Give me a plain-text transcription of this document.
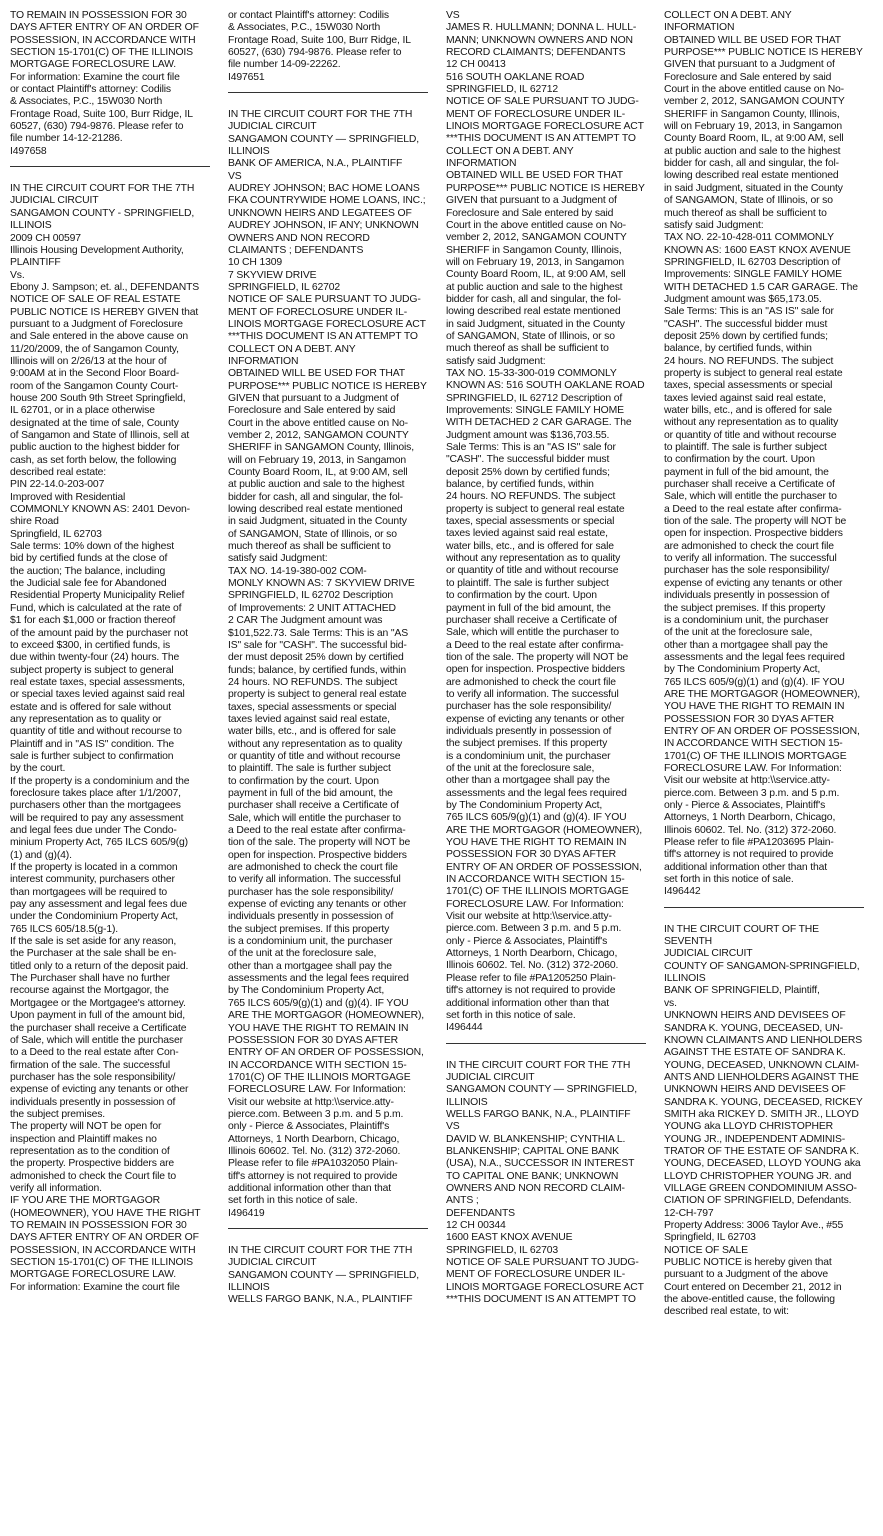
TO REMAIN IN POSSESSION FOR 30
DAYS AFTER ENTRY OF AN ORDER OF
POSSESSION, IN ACCORDANCE WITH
SECTION 15-1701(C) OF THE ILLINOIS
MORTGAGE FORECLOSURE LAW.
For information: Examine the court file
or contact Plaintiff's attorney: Codilis
& Associates, P.C., 15W030 North
Frontage Road, Suite 100, Burr Ridge, IL
60527, (630) 794-9876. Please refer to
file number 14-12-21286.
I497658

IN THE CIRCUIT COURT FOR THE 7TH
JUDICIAL CIRCUIT
SANGAMON COUNTY - SPRINGFIELD,
ILLINOIS
2009 CH 00597
Illinois Housing Development Authority,
PLAINTIFF
Vs.
Ebony J. Sampson; et. al., DEFENDANTS
NOTICE OF SALE OF REAL ESTATE
PUBLIC NOTICE IS HEREBY GIVEN that
pursuant to a Judgment of Foreclosure
and Sale entered in the above cause on
11/20/2009, the of Sangamon County,
Illinois will on 2/26/13 at the hour of
9:00AM at in the Second Floor Board-
room of the Sangamon County Court-
house 200 South 9th Street Springfield,
IL 62701, or in a place otherwise
designated at the time of sale, County
of Sangamon and State of Illinois, sell at
public auction to the highest bidder for
cash, as set forth below, the following
described real estate:
PIN 22-14.0-203-007
Improved with Residential
COMMONLY KNOWN AS: 2401 Devon-
shire Road
Springfield, IL 62703
Sale terms: 10% down of the highest
bid by certified funds at the close of
the auction; The balance, including
the Judicial sale fee for Abandoned
Residential Property Municipality Relief
Fund, which is calculated at the rate of
$1 for each $1,000 or fraction thereof
of the amount paid by the purchaser not
to exceed $300, in certified funds, is
due within twenty-four (24) hours. The
subject property is subject to general
real estate taxes, special assessments,
or special taxes levied against said real
estate and is offered for sale without
any representation as to quality or
quantity of title and without recourse to
Plaintiff and in "AS IS" condition. The
sale is further subject to confirmation
by the court.
If the property is a condominium and the
foreclosure takes place after 1/1/2007,
purchasers other than the mortgagees
will be required to pay any assessment
and legal fees due under The Condo-
minium Property Act, 765 ILCS 605/9(g)
(1) and (g)(4).
If the property is located in a common
interest community, purchasers other
than mortgagees will be required to
pay any assessment and legal fees due
under the Condominium Property Act,
765 ILCS 605/18.5(g-1).
If the sale is set aside for any reason,
the Purchaser at the sale shall be en-
titled only to a return of the deposit paid.
The Purchaser shall have no further
recourse against the Mortgagor, the
Mortgagee or the Mortgagee's attorney.
Upon payment in full of the amount bid,
the purchaser shall receive a Certificate
of Sale, which will entitle the purchaser
to a Deed to the real estate after Con-
firmation of the sale. The successful
purchaser has the sole responsibility/
expense of evicting any tenants or other
individuals presently in possession of
the subject premises.
The property will NOT be open for
inspection and Plaintiff makes no
representation as to the condition of
the property. Prospective bidders are
admonished to check the Court file to
verify all information.
IF YOU ARE THE MORTGAGOR
(HOMEOWNER), YOU HAVE THE RIGHT
TO REMAIN IN POSSESSION FOR 30
DAYS AFTER ENTRY OF AN ORDER OF
POSSESSION, IN ACCORDANCE WITH
SECTION 15-1701(C) OF THE ILLINOIS
MORTGAGE FORECLOSURE LAW.
For information: Examine the court file

or contact Plaintiff's attorney: Codilis
& Associates, P.C., 15W030 North
Frontage Road, Suite 100, Burr Ridge, IL
60527, (630) 794-9876. Please refer to
file number 14-09-22262.
I497651

IN THE CIRCUIT COURT FOR THE 7TH
JUDICIAL CIRCUIT
SANGAMON COUNTY — SPRINGFIELD,
ILLINOIS
BANK OF AMERICA, N.A., PLAINTIFF
VS
AUDREY JOHNSON; BAC HOME LOANS
FKA COUNTRYWIDE HOME LOANS, INC.;
UNKNOWN HEIRS AND LEGATEES OF
AUDREY JOHNSON, IF ANY; UNKNOWN
OWNERS AND NON RECORD
CLAIMANTS ; DEFENDANTS
10 CH 1309
7 SKYVIEW DRIVE
SPRINGFIELD, IL 62702
NOTICE OF SALE PURSUANT TO JUDG-
MENT OF FORECLOSURE UNDER IL-
LINOIS MORTGAGE FORECLOSURE ACT
***THIS DOCUMENT IS AN ATTEMPT TO
COLLECT ON A DEBT. ANY INFORMATION
OBTAINED WILL BE USED FOR THAT
PURPOSE*** PUBLIC NOTICE IS HEREBY
GIVEN that pursuant to a Judgment of
Foreclosure and Sale entered by said
Court in the above entitled cause on No-
vember 2, 2012, SANGAMON COUNTY
SHERIFF in SANGAMON County, Illinois,
will on February 19, 2013, in Sangamon
County Board Room, IL, at 9:00 AM, sell
at public auction and sale to the highest
bidder for cash, all and singular, the fol-
lowing described real estate mentioned
in said Judgment, situated in the County
of SANGAMON, State of Illinois, or so
much thereof as shall be sufficient to
satisfy said Judgment:
TAX NO. 14-19-380-002 COM-
MONLY KNOWN AS: 7 SKYVIEW DRIVE
SPRINGFIELD, IL 62702 Description
of Improvements: 2 UNIT ATTACHED
2 CAR The Judgment amount was
$101,522.73. Sale Terms: This is an "AS
IS" sale for "CASH". The successful bid-
der must deposit 25% down by certified
funds; balance, by certified funds, within
24 hours. NO REFUNDS. The subject
property is subject to general real estate
taxes, special assessments or special
taxes levied against said real estate,
water bills, etc., and is offered for sale
without any representation as to quality
or quantity of title and without recourse
to plaintiff. The sale is further subject
to confirmation by the court. Upon
payment in full of the bid amount, the
purchaser shall receive a Certificate of
Sale, which will entitle the purchaser to
a Deed to the real estate after confirma-
tion of the sale. The property will NOT be
open for inspection. Prospective bidders
are admonished to check the court file
to verify all information. The successful
purchaser has the sole responsibility/
expense of evicting any tenants or other
individuals presently in possession of
the subject premises. If this property
is a condominium unit, the purchaser
of the unit at the foreclosure sale,
other than a mortgagee shall pay the
assessments and the legal fees required
by The Condominium Property Act,
765 ILCS 605/9(g)(1) and (g)(4). IF YOU
ARE THE MORTGAGOR (HOMEOWNER),
YOU HAVE THE RIGHT TO REMAIN IN
POSSESSION FOR 30 DYAS AFTER
ENTRY OF AN ORDER OF POSSESSION,
IN ACCORDANCE WITH SECTION 15-
1701(C) OF THE ILLINOIS MORTGAGE
FORECLOSURE LAW. For Information:
Visit our website at http:\\service.atty-
pierce.com. Between 3 p.m. and 5 p.m.
only - Pierce & Associates, Plaintiff's
Attorneys, 1 North Dearborn, Chicago,
Illinois 60602. Tel. No. (312) 372-2060.
Please refer to file #PA1032050 Plain-
tiff's attorney is not required to provide
additional information other than that
set forth in this notice of sale.
I496419

IN THE CIRCUIT COURT FOR THE 7TH
JUDICIAL CIRCUIT
SANGAMON COUNTY — SPRINGFIELD,
ILLINOIS
WELLS FARGO BANK, N.A., PLAINTIFF

VS
JAMES R. HULLMANN; DONNA L. HULL-
MANN; UNKNOWN OWNERS AND NON
RECORD CLAIMANTS; DEFENDANTS
12 CH 00413
516 SOUTH OAKLANE ROAD
SPRINGFIELD, IL 62712
NOTICE OF SALE PURSUANT TO JUDG-
MENT OF FORECLOSURE UNDER IL-
LINOIS MORTGAGE FORECLOSURE ACT
***THIS DOCUMENT IS AN ATTEMPT TO
COLLECT ON A DEBT. ANY INFORMATION
OBTAINED WILL BE USED FOR THAT
PURPOSE*** PUBLIC NOTICE IS HEREBY
GIVEN that pursuant to a Judgment of
Foreclosure and Sale entered by said
Court in the above entitled cause on No-
vember 2, 2012, SANGAMON COUNTY
SHERIFF in Sangamon County, Illinois,
will on February 19, 2013, in Sangamon
County Board Room, IL, at 9:00 AM, sell
at public auction and sale to the highest
bidder for cash, all and singular, the fol-
lowing described real estate mentioned
in said Judgment, situated in the County
of SANGAMON, State of Illinois, or so
much thereof as shall be sufficient to
satisfy said Judgment:
TAX NO. 15-33-300-019 COMMONLY
KNOWN AS: 516 SOUTH OAKLANE ROAD
SPRINGFIELD, IL 62712 Description of
Improvements: SINGLE FAMILY HOME
WITH DETACHED 2 CAR GARAGE. The
Judgment amount was $136,703.55.
Sale Terms: This is an "AS IS" sale for
"CASH". The successful bidder must
deposit 25% down by certified funds;
balance, by certified funds, within
24 hours. NO REFUNDS. The subject
property is subject to general real estate
taxes, special assessments or special
taxes levied against said real estate,
water bills, etc., and is offered for sale
without any representation as to quality
or quantity of title and without recourse
to plaintiff. The sale is further subject
to confirmation by the court. Upon
payment in full of the bid amount, the
purchaser shall receive a Certificate of
Sale, which will entitle the purchaser to
a Deed to the real estate after confirma-
tion of the sale. The property will NOT be
open for inspection. Prospective bidders
are admonished to check the court file
to verify all information. The successful
purchaser has the sole responsibility/
expense of evicting any tenants or other
individuals presently in possession of
the subject premises. If this property
is a condominium unit, the purchaser
of the unit at the foreclosure sale,
other than a mortgagee shall pay the
assessments and the legal fees required
by The Condominium Property Act,
765 ILCS 605/9(g)(1) and (g)(4). IF YOU
ARE THE MORTGAGOR (HOMEOWNER),
YOU HAVE THE RIGHT TO REMAIN IN
POSSESSION FOR 30 DYAS AFTER
ENTRY OF AN ORDER OF POSSESSION,
IN ACCORDANCE WITH SECTION 15-
1701(C) OF THE ILLINOIS MORTGAGE
FORECLOSURE LAW. For Information:
Visit our website at http:\\service.atty-
pierce.com. Between 3 p.m. and 5 p.m.
only - Pierce & Associates, Plaintiff's
Attorneys, 1 North Dearborn, Chicago,
Illinois 60602. Tel. No. (312) 372-2060.
Please refer to file #PA1205250 Plain-
tiff's attorney is not required to provide
additional information other than that
set forth in this notice of sale.
I496444

IN THE CIRCUIT COURT FOR THE 7TH
JUDICIAL CIRCUIT
SANGAMON COUNTY — SPRINGFIELD,
ILLINOIS
WELLS FARGO BANK, N.A., PLAINTIFF
VS
DAVID W. BLANKENSHIP; CYNTHIA L.
BLANKENSHIP; CAPITAL ONE BANK
(USA), N.A., SUCCESSOR IN INTEREST
TO CAPITAL ONE BANK; UNKNOWN
OWNERS AND NON RECORD CLAIM-
ANTS ;
DEFENDANTS
12 CH 00344
1600 EAST KNOX AVENUE
SPRINGFIELD, IL 62703
NOTICE OF SALE PURSUANT TO JUDG-
MENT OF FORECLOSURE UNDER IL-
LINOIS MORTGAGE FORECLOSURE ACT
***THIS DOCUMENT IS AN ATTEMPT TO

COLLECT ON A DEBT. ANY INFORMATION
OBTAINED WILL BE USED FOR THAT
PURPOSE*** PUBLIC NOTICE IS HEREBY
GIVEN that pursuant to a Judgment of
Foreclosure and Sale entered by said
Court in the above entitled cause on No-
vember 2, 2012, SANGAMON COUNTY
SHERIFF in Sangamon County, Illinois,
will on February 19, 2013, in Sangamon
County Board Room, IL, at 9:00 AM, sell
at public auction and sale to the highest
bidder for cash, all and singular, the fol-
lowing described real estate mentioned
in said Judgment, situated in the County
of SANGAMON, State of Illinois, or so
much thereof as shall be sufficient to
satisfy said Judgment:
TAX NO. 22-10-428-011 COMMONLY
KNOWN AS: 1600 EAST KNOX AVENUE
SPRINGFIELD, IL 62703 Description of
Improvements: SINGLE FAMILY HOME
WITH DETACHED 1.5 CAR GARAGE. The
Judgment amount was $65,173.05.
Sale Terms: This is an "AS IS" sale for
"CASH". The successful bidder must
deposit 25% down by certified funds;
balance, by certified funds, within
24 hours. NO REFUNDS. The subject
property is subject to general real estate
taxes, special assessments or special
taxes levied against said real estate,
water bills, etc., and is offered for sale
without any representation as to quality
or quantity of title and without recourse
to plaintiff. The sale is further subject
to confirmation by the court. Upon
payment in full of the bid amount, the
purchaser shall receive a Certificate of
Sale, which will entitle the purchaser to
a Deed to the real estate after confirma-
tion of the sale. The property will NOT be
open for inspection. Prospective bidders
are admonished to check the court file
to verify all information. The successful
purchaser has the sole responsibility/
expense of evicting any tenants or other
individuals presently in possession of
the subject premises. If this property
is a condominium unit, the purchaser
of the unit at the foreclosure sale,
other than a mortgagee shall pay the
assessments and the legal fees required
by The Condominium Property Act,
765 ILCS 605/9(g)(1) and (g)(4). IF YOU
ARE THE MORTGAGOR (HOMEOWNER),
YOU HAVE THE RIGHT TO REMAIN IN
POSSESSION FOR 30 DYAS AFTER
ENTRY OF AN ORDER OF POSSESSION,
IN ACCORDANCE WITH SECTION 15-
1701(C) OF THE ILLINOIS MORTGAGE
FORECLOSURE LAW. For Information:
Visit our website at http:\\service.atty-
pierce.com. Between 3 p.m. and 5 p.m.
only - Pierce & Associates, Plaintiff's
Attorneys, 1 North Dearborn, Chicago,
Illinois 60602. Tel. No. (312) 372-2060.
Please refer to file #PA1203695 Plain-
tiff's attorney is not required to provide
additional information other than that
set forth in this notice of sale.
I496442

IN THE CIRCUIT COURT OF THE SEVENTH
JUDICIAL CIRCUIT
COUNTY OF SANGAMON-SPRINGFIELD,
ILLINOIS
BANK OF SPRINGFIELD, Plaintiff,
vs.
UNKNOWN HEIRS AND DEVISEES OF
SANDRA K. YOUNG, DECEASED, UN-
KNOWN CLAIMANTS AND LIENHOLDERS
AGAINST THE ESTATE OF SANDRA K.
YOUNG, DECEASED, UNKNOWN CLAIM-
ANTS AND LIENHOLDERS AGAINST THE
UNKNOWN HEIRS AND DEVISEES OF
SANDRA K. YOUNG, DECEASED, RICKEY
SMITH aka RICKEY D. SMITH JR., LLOYD
YOUNG aka LLOYD CHRISTOPHER
YOUNG JR., INDEPENDENT ADMINIS-
TRATOR OF THE ESTATE OF SANDRA K.
YOUNG, DECEASED, LLOYD YOUNG aka
LLOYD CHRISTOPHER YOUNG JR. and
VILLAGE GREEN CONDOMINIUM ASSO-
CIATION OF SPRINGFIELD, Defendants.
12-CH-797
Property Address: 3006 Taylor Ave., #55
Springfield, IL 62703
NOTICE OF SALE
PUBLIC NOTICE is hereby given that
pursuant to a Judgment of the above
Court entered on December 21, 2012 in
the above-entitled cause, the following
described real estate, to wit:
